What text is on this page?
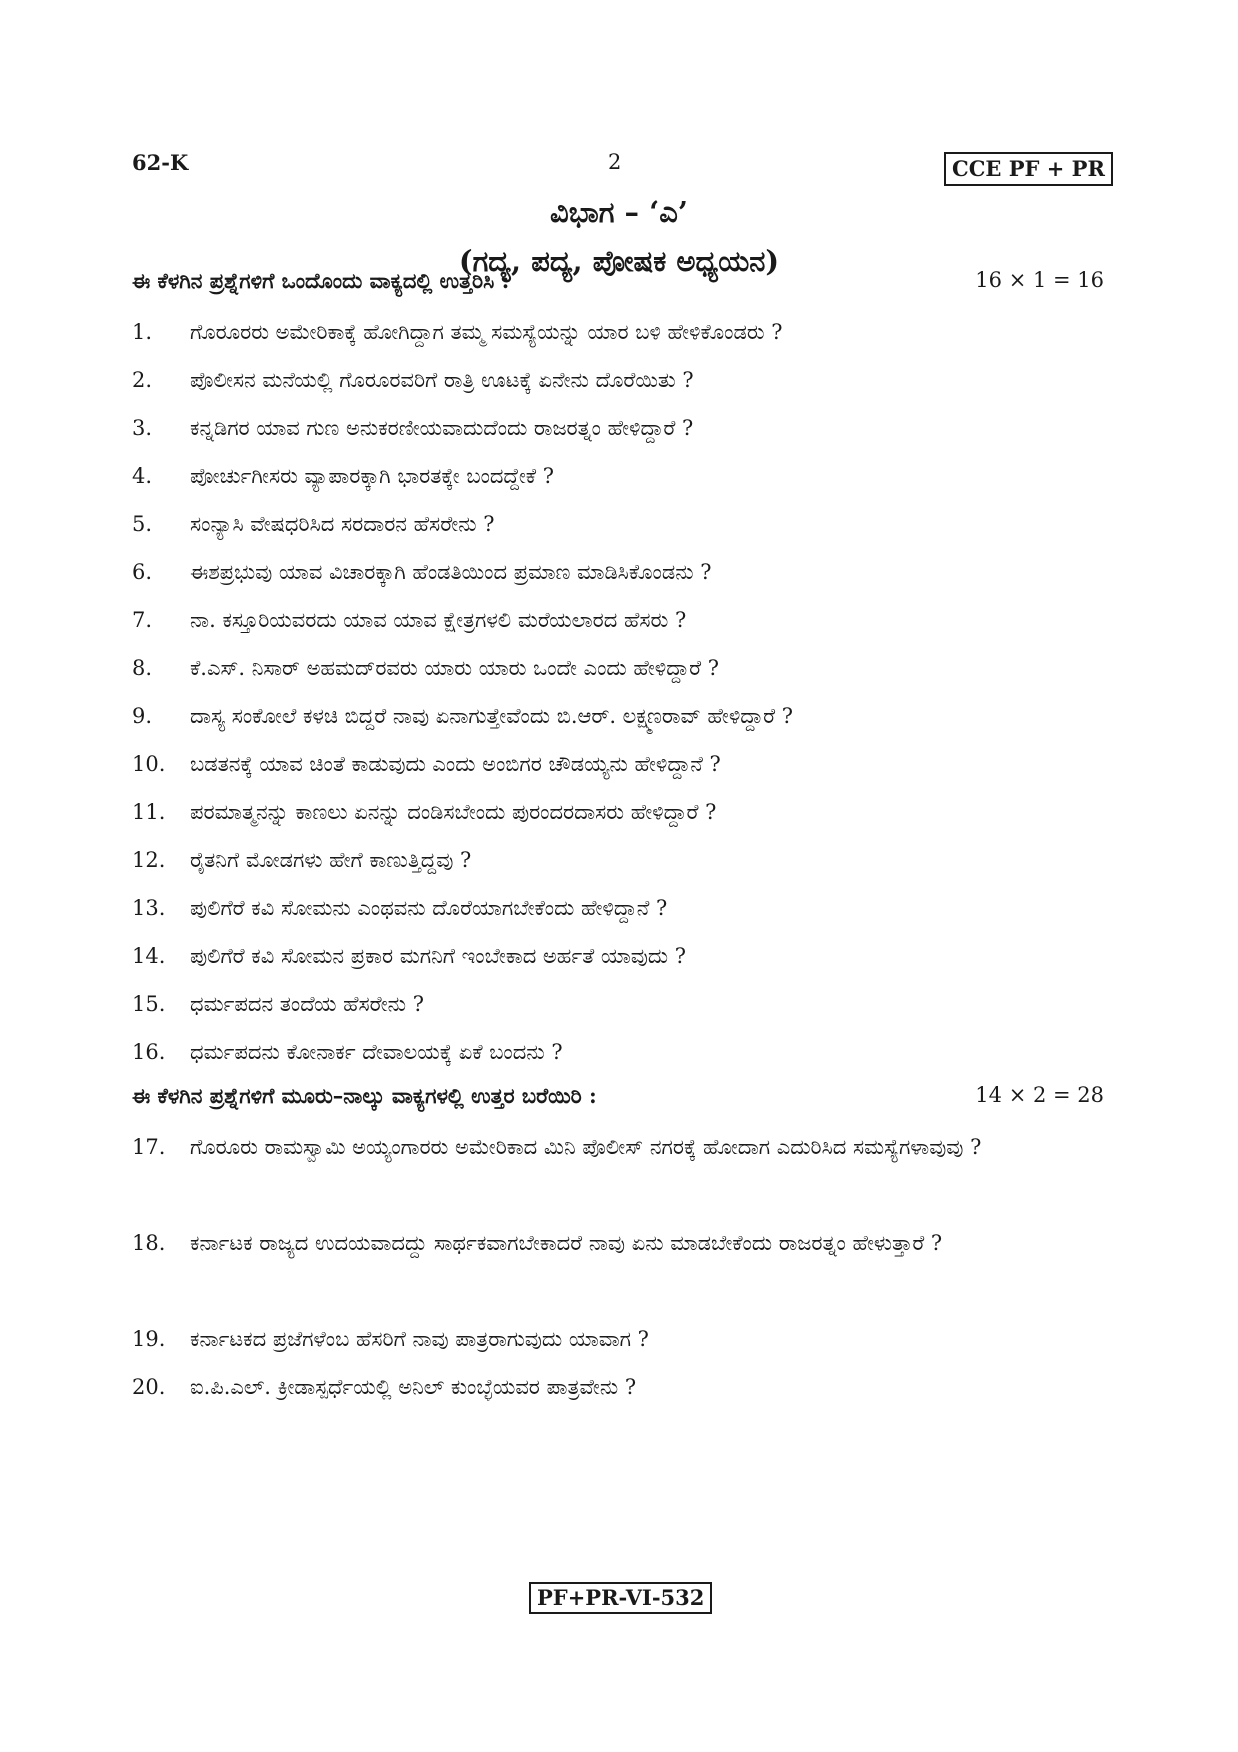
62-K	2	CCE PF + PR
ವಿಭಾಗ – ‘ಎ’
(ಗದ್ಯ, ಪದ್ಯ, ಪೋಷಕ ಅಧ್ಯಯನ)
ಈ ಕೆಳಗಿನ ಪ್ರಶ್ನೆಗಳಿಗೆ ಒಂದೊಂದು ವಾಕ್ಯದಲ್ಲಿ ಉತ್ತರಿಸಿ :	16 × 1 = 16
1. ಗೊರೂರರು ಅಮೇರಿಕಾಕ್ಕೆ ಹೋಗಿದ್ದಾಗ ತಮ್ಮ ಸಮಸ್ಯೆಯನ್ನು ಯಾರ ಬಳಿ ಹೇಳಿಕೊಂಡರು ?
2. ಪೊಲೀಸನ ಮನೆಯಲ್ಲಿ ಗೊರೂರವರಿಗೆ ರಾತ್ರಿ ಊಟಕ್ಕೆ ಏನೇನು ದೊರೆಯಿತು ?
3. ಕನ್ನಡಿಗರ ಯಾವ ಗುಣ ಅನುಕರಣೀಯವಾದುದೆಂದು ರಾಜರತ್ನಂ ಹೇಳಿದ್ದಾರೆ ?
4. ಪೋರ್ಚುಗೀಸರು ವ್ಯಾಪಾರಕ್ಕಾಗಿ ಭಾರತಕ್ಕೇ ಬಂದದ್ದೇಕೆ ?
5. ಸಂನ್ಯಾಸಿ ವೇಷಧರಿಸಿದ ಸರದಾರನ ಹೆಸರೇನು ?
6. ಈಶಪ್ರಭುವು ಯಾವ ವಿಚಾರಕ್ಕಾಗಿ ಹೆಂಡತಿಯಿಂದ ಪ್ರಮಾಣ ಮಾಡಿಸಿಕೊಂಡನು ?
7. ನಾ. ಕಸ್ತೂರಿಯವರದು ಯಾವ ಯಾವ ಕ್ಷೇತ್ರಗಳಲಿ ಮರೆಯಲಾರದ ಹೆಸರು ?
8. ಕೆ.ಎಸ್. ನಿಸಾರ್ ಅಹಮದ್‌ರವರು ಯಾರು ಯಾರು ಒಂದೇ ಎಂದು ಹೇಳಿದ್ದಾರೆ ?
9. ದಾಸ್ಯ ಸಂಕೋಲೆ ಕಳಚಿ ಬಿದ್ದರೆ ನಾವು ಏನಾಗುತ್ತೇವೆಂದು ಬಿ.ಆರ್. ಲಕ್ಷ್ಮಣರಾವ್ ಹೇಳಿದ್ದಾರೆ ?
10. ಬಡತನಕ್ಕೆ ಯಾವ ಚಿಂತೆ ಕಾಡುವುದು ಎಂದು ಅಂಬಿಗರ ಚೌಡಯ್ಯನು ಹೇಳಿದ್ದಾನೆ ?
11. ಪರಮಾತ್ಮನನ್ನು ಕಾಣಲು ಏನನ್ನು ದಂಡಿಸಬೇಂದು ಪುರಂದರದಾಸರು ಹೇಳಿದ್ದಾರೆ ?
12. ರೈತನಿಗೆ ಮೋಡಗಳು ಹೇಗೆ ಕಾಣುತ್ತಿದ್ದವು ?
13. ಪುಲಿಗೆರೆ ಕವಿ ಸೋಮನು ಎಂಥವನು ದೊರೆಯಾಗಬೇಕೆಂದು ಹೇಳಿದ್ದಾನೆ ?
14. ಪುಲಿಗೆರೆ ಕವಿ ಸೋಮನ ಪ್ರಕಾರ ಮಗನಿಗೆ ಇಂಬೇಕಾದ ಅರ್ಹತೆ ಯಾವುದು ?
15. ಧರ್ಮಪದನ ತಂದೆಯ ಹೆಸರೇನು ?
16. ಧರ್ಮಪದನು ಕೋನಾರ್ಕ ದೇವಾಲಯಕ್ಕೆ ಏಕೆ ಬಂದನು ?
ಈ ಕೆಳಗಿನ ಪ್ರಶ್ನೆಗಳಿಗೆ ಮೂರು–ನಾಲ್ಕು ವಾಕ್ಯಗಳಲ್ಲಿ ಉತ್ತರ ಬರೆಯಿರಿ :	14 × 2 = 28
17. ಗೊರೂರು ರಾಮಸ್ವಾಮಿ ಅಯ್ಯಂಗಾರರು ಅಮೇರಿಕಾದ ಮಿನಿ ಪೊಲೀಸ್ ನಗರಕ್ಕೆ ಹೋದಾಗ ಎದುರಿಸಿದ ಸಮಸ್ಯೆಗಳಾವುವು ?
18. ಕರ್ನಾಟಕ ರಾಜ್ಯದ ಉದಯವಾದದ್ದು ಸಾರ್ಥಕವಾಗಬೇಕಾದರೆ ನಾವು ಏನು ಮಾಡಬೇಕೆಂದು ರಾಜರತ್ನಂ ಹೇಳುತ್ತಾರೆ ?
19. ಕರ್ನಾಟಕದ ಪ್ರಜೆಗಳೆಂಬ ಹೆಸರಿಗೆ ನಾವು ಪಾತ್ರರಾಗುವುದು ಯಾವಾಗ ?
20. ಐ.ಪಿ.ಎಲ್. ಕ್ರೀಡಾಸ್ಪರ್ಧೆಯಲ್ಲಿ ಅನಿಲ್ ಕುಂಬ್ಳೆಯವರ ಪಾತ್ರವೇನು ?
PF+PR-VI-532
